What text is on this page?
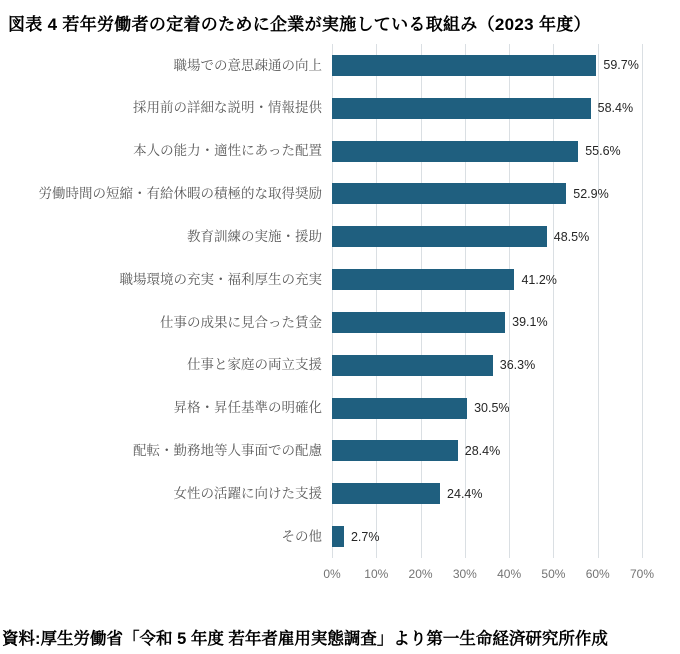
図表 4 若年労働者の定着のために企業が実施している取組み（2023 年度）
職場での意思疎通の向上	59.7%
採用前の詳細な説明・情報提供	58.4%
本人の能力・適性にあった配置	55.6%
労働時間の短縮・有給休暇の積極的な取得奨励	52.9%
教育訓練の実施・援助	48.5%
職場環境の充実・福利厚生の充実	41.2%
仕事の成果に見合った賃金	39.1%
仕事と家庭の両立支援	36.3%
昇格・昇任基準の明確化	30.5%
配転・勤務地等人事面での配慮	28.4%
女性の活躍に向けた支援	24.4%
その他	2.7%
0% 10% 20% 30% 40% 50% 60% 70%
資料:厚生労働省「令和 5 年度 若年者雇用実態調査」より第一生命経済研究所作成
